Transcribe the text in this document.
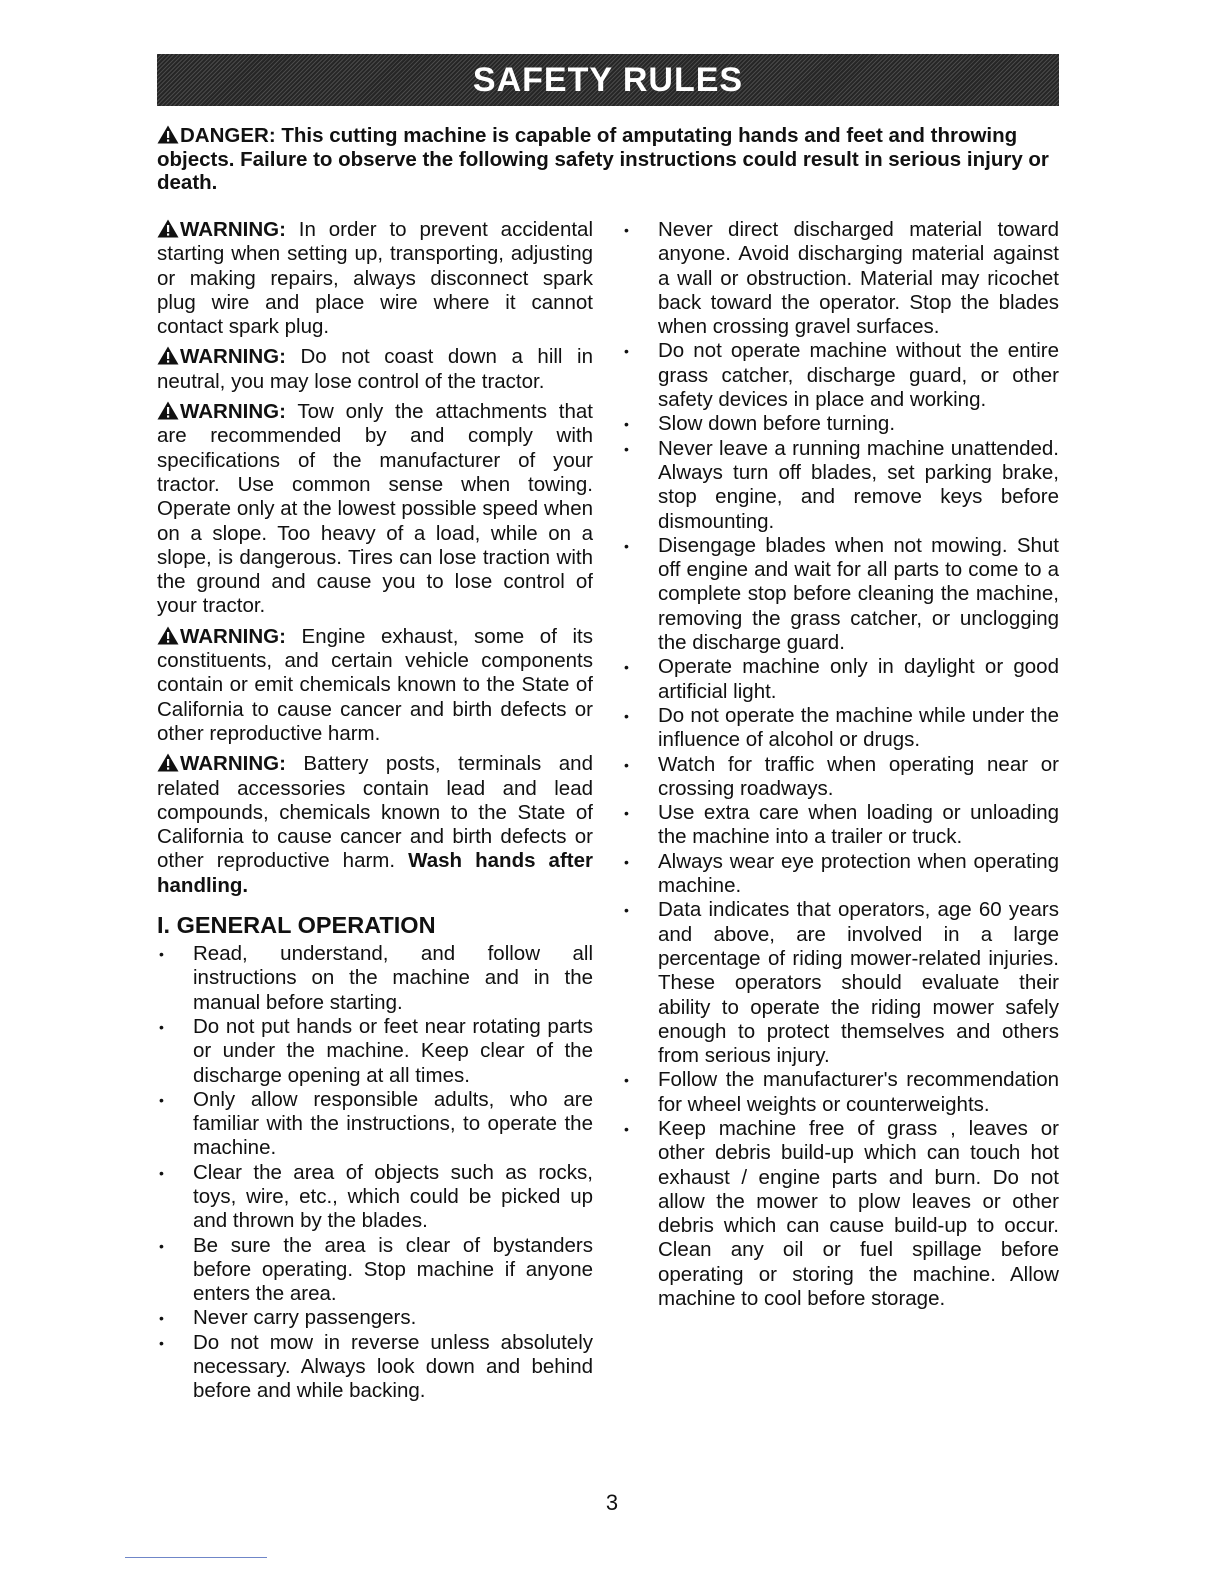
SAFETY RULES
DANGER: This cutting machine is capable of amputating hands and feet and throwing objects. Failure to observe the following safety instructions could result in serious injury or death.

WARNING: In order to prevent accidental starting when setting up, transporting, adjusting or making repairs, always disconnect spark plug wire and place wire where it cannot contact spark plug.

WARNING: Do not coast down a hill in neutral, you may lose control of the tractor.

WARNING: Tow only the attachments that are recommended by and comply with specifications of the manufacturer of your tractor. Use common sense when towing. Operate only at the lowest possible speed when on a slope. Too heavy of a load, while on a slope, is dangerous. Tires can lose traction with the ground and cause you to lose control of your tractor.

WARNING: Engine exhaust, some of its constituents, and certain vehicle components contain or emit chemicals known to the State of California to cause cancer and birth defects or other reproductive harm.

WARNING: Battery posts, terminals and related accessories contain lead and lead compounds, chemicals known to the State of California to cause cancer and birth defects or other reproductive harm. Wash hands after handling.

I. GENERAL OPERATION
• Read, understand, and follow all instructions on the machine and in the manual before starting.
• Do not put hands or feet near rotating parts or under the machine. Keep clear of the discharge opening at all times.
• Only allow responsible adults, who are familiar with the instructions, to operate the machine.
• Clear the area of objects such as rocks, toys, wire, etc., which could be picked up and thrown by the blades.
• Be sure the area is clear of bystanders before operating. Stop machine if anyone enters the area.
• Never carry passengers.
• Do not mow in reverse unless absolutely necessary. Always look down and behind before and while backing.
• Never direct discharged material toward anyone. Avoid discharging material against a wall or obstruction. Material may ricochet back toward the operator. Stop the blades when crossing gravel surfaces.
• Do not operate machine without the entire grass catcher, discharge guard, or other safety devices in place and working.
• Slow down before turning.
• Never leave a running machine unattended. Always turn off blades, set parking brake, stop engine, and remove keys before dismounting.
• Disengage blades when not mowing. Shut off engine and wait for all parts to come to a complete stop before cleaning the machine, removing the grass catcher, or unclogging the discharge guard.
• Operate machine only in daylight or good artificial light.
• Do not operate the machine while under the influence of alcohol or drugs.
• Watch for traffic when operating near or crossing roadways.
• Use extra care when loading or unloading the machine into a trailer or truck.
• Always wear eye protection when operating machine.
• Data indicates that operators, age 60 years and above, are involved in a large percentage of riding mower-related injuries. These operators should evaluate their ability to operate the riding mower safely enough to protect themselves and others from serious injury.
• Follow the manufacturer's recommendation for wheel weights or counterweights.
• Keep machine free of grass , leaves or other debris build-up which can touch hot exhaust / engine parts and burn. Do not allow the mower to plow leaves or other debris which can cause build-up to occur. Clean any oil or fuel spillage before operating or storing the machine. Allow machine to cool before storage.
3
